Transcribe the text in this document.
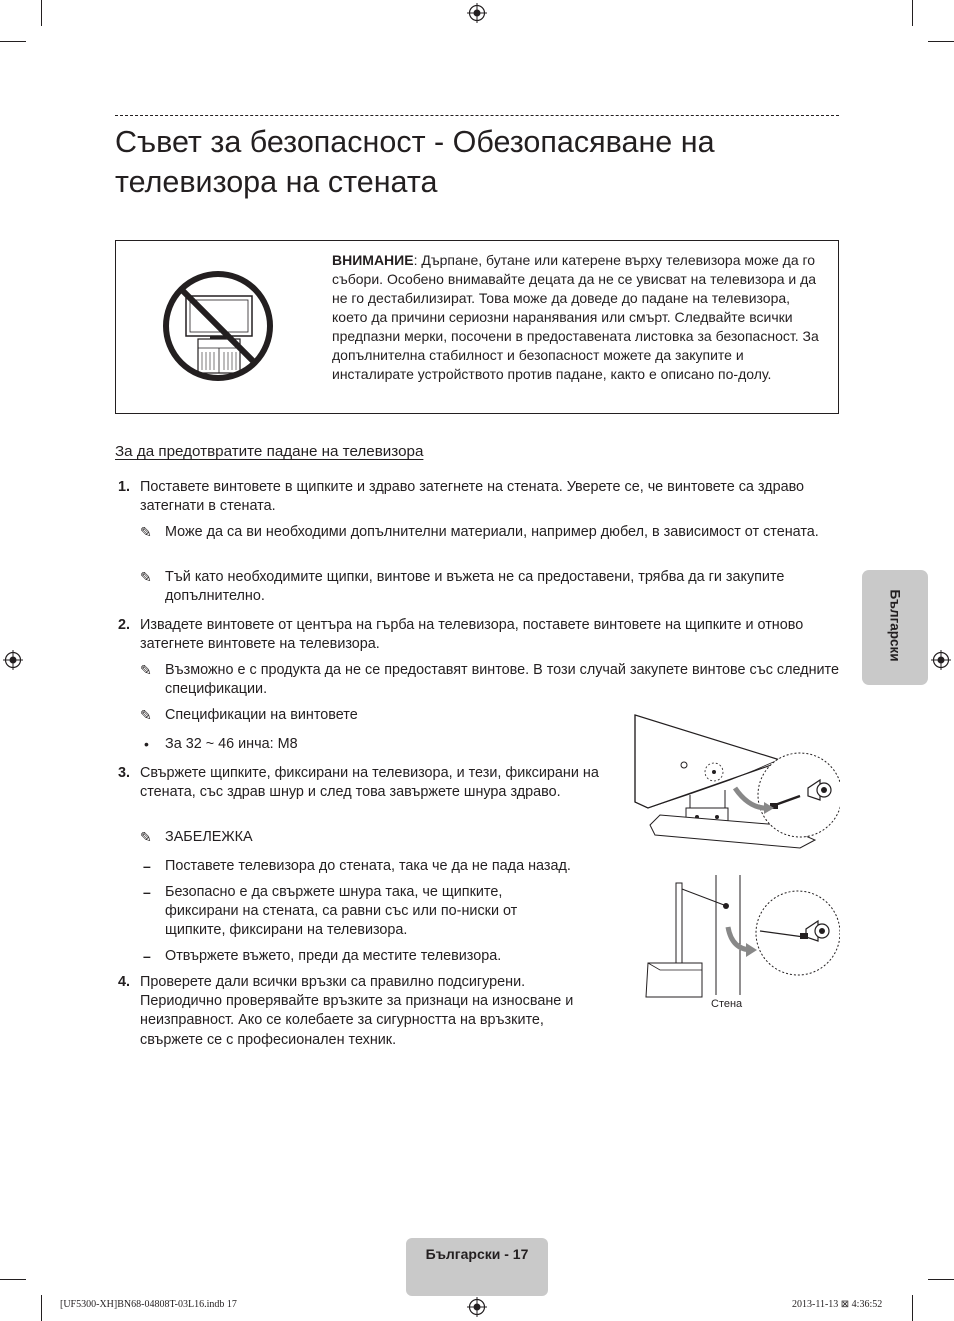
Съвет за безопасност - Обезопасяване на телевизора на стената
ВНИМАНИЕ: Дърпане, бутане или катерене върху телевизора може да го събори. Особено внимавайте децата да не се увисват на телевизора и да не го дестабилизират. Това може да доведе до падане на телевизора, което да причини сериозни наранявания или смърт. Следвайте всички предпазни мерки, посочени в предоставената листовка за безопасност. За допълнителна стабилност и безопасност можете да закупите и инсталирате устройството против падане, както е описано по-долу.
За да предотвратите падане на телевизора
1. Поставете винтовете в щипките и здраво затегнете на стената. Уверете се, че винтовете са здраво затегнати в стената.
✎ Може да са ви необходими допълнителни материали, например дюбел, в зависимост от стената.
✎ Тъй като необходимите щипки, винтове и въжета не са предоставени, трябва да ги закупите допълнително.
2. Извадете винтовете от центъра на гърба на телевизора, поставете винтовете на щипките и отново затегнете винтовете на телевизора.
✎ Възможно е с продукта да не се предоставят винтове. В този случай закупете винтове със следните спецификации.
✎ Спецификации на винтовете
• За 32 ~ 46 инча: M8
3. Свържете щипките, фиксирани на телевизора, и тези, фиксирани на стената, със здрав шнур и след това завържете шнура здраво.
✎ ЗАБЕЛЕЖКА
– Поставете телевизора до стената, така че да не пада назад.
– Безопасно е да свържете шнура така, че щипките, фиксирани на стената, са равни със или по-ниски от щипките, фиксирани на телевизора.
– Отвържете въжето, преди да местите телевизора.
4. Проверете дали всички връзки са правилно подсигурени. Периодично проверявайте връзките за признаци на износване и неизправност. Ако се колебаете за сигурността на връзките, свържете се с професионален техник.
Стена
Български
Български - 17
[UF5300-XH]BN68-04808T-03L16.indb 17	2013-11-13 ⊠ 4:36:52
